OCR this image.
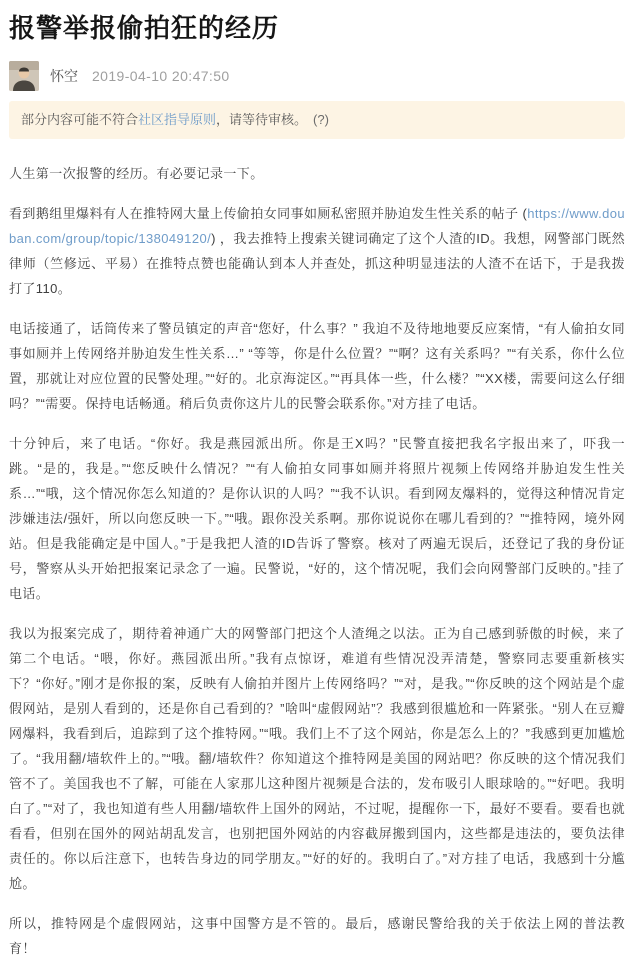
报警举报偷拍狂的经历
怀空 2019-04-10 20:47:50
部分内容可能不符合社区指导原则，请等待审核。 (?)

人生第一次报警的经历。有必要记录一下。

看到鹅组里爆料有人在推特网大量上传偷拍女同事如厕私密照并胁迫发生性关系的帖子 (https://www.douban.com/group/topic/138049120/) ，我去推特上搜索关键词确定了这个人渣的ID。我想，网警部门既然律师（竺修远、平易）在推特点赞也能确认到本人并查处，抓这种明显违法的人渣不在话下，于是我拨打了110。

电话接通了，话筒传来了警员镇定的声音“您好，什么事？” 我迫不及待地地要反应案情，“有人偷拍女同事如厕并上传网络并胁迫发生性关系…” “等等，你是什么位置？”“啊？这有关系吗？”“有关系，你什么位置，那就让对应位置的民警处理。”“好的。北京海淀区。”“再具体一些，什么楼？”“XX楼，需要问这么仔细吗？”“需要。保持电话畅通。稍后负责你这片儿的民警会联系你。”对方挂了电话。

十分钟后，来了电话。“你好。我是燕园派出所。你是王X吗？”民警直接把我名字报出来了，吓我一跳。“是的，我是。”“您反映什么情况？”“有人偷拍女同事如厕并将照片视频上传网络并胁迫发生性关系…”“哦，这个情况你怎么知道的？是你认识的人吗？”“我不认识。看到网友爆料的，觉得这种情况肯定涉嫌违法/强奸，所以向您反映一下。”“哦。跟你没关系啊。那你说说你在哪儿看到的？”“推特网，境外网站。但是我能确定是中国人。”于是我把人渣的ID告诉了警察。核对了两遍无误后，还登记了我的身份证号，警察从头开始把报案记录念了一遍。民警说，“好的，这个情况呢，我们会向网警部门反映的。”挂了电话。

我以为报案完成了，期待着神通广大的网警部门把这个人渣绳之以法。正为自己感到骄傲的时候，来了第二个电话。“喂，你好。燕园派出所。”我有点惊讶，难道有些情况没弄清楚，警察同志要重新核实下？“你好。”刚才是你报的案，反映有人偷拍并图片上传网络吗？”“对，是我。”“你反映的这个网站是个虚假网站，是别人看到的，还是你自己看到的？”啥叫“虚假网站”？我感到很尴尬和一阵紧张。“别人在豆瓣网爆料，我看到后，追踪到了这个推特网。”“哦。我们上不了这个网站，你是怎么上的？”我感到更加尴尬了。“我用翻/墙软件上的。”“哦。翻/墙软件？你知道这个推特网是美国的网站吧？你反映的这个情况我们管不了。美国我也不了解，可能在人家那儿这种图片视频是合法的，发布吸引人眼球啥的。”“好吧。我明白了。”“对了，我也知道有些人用翻/墙软件上国外的网站，不过呢，提醒你一下，最好不要看。要看也就看看，但别在国外的网站胡乱发言，也别把国外网站的内容截屏搬到国内，这些都是违法的，要负法律责任的。你以后注意下，也转告身边的同学朋友。”“好的好的。我明白了。”对方挂了电话，我感到十分尴尬。

所以，推特网是个虚假网站，这事中国警方是不管的。最后，感谢民警给我的关于依法上网的普法教育！
